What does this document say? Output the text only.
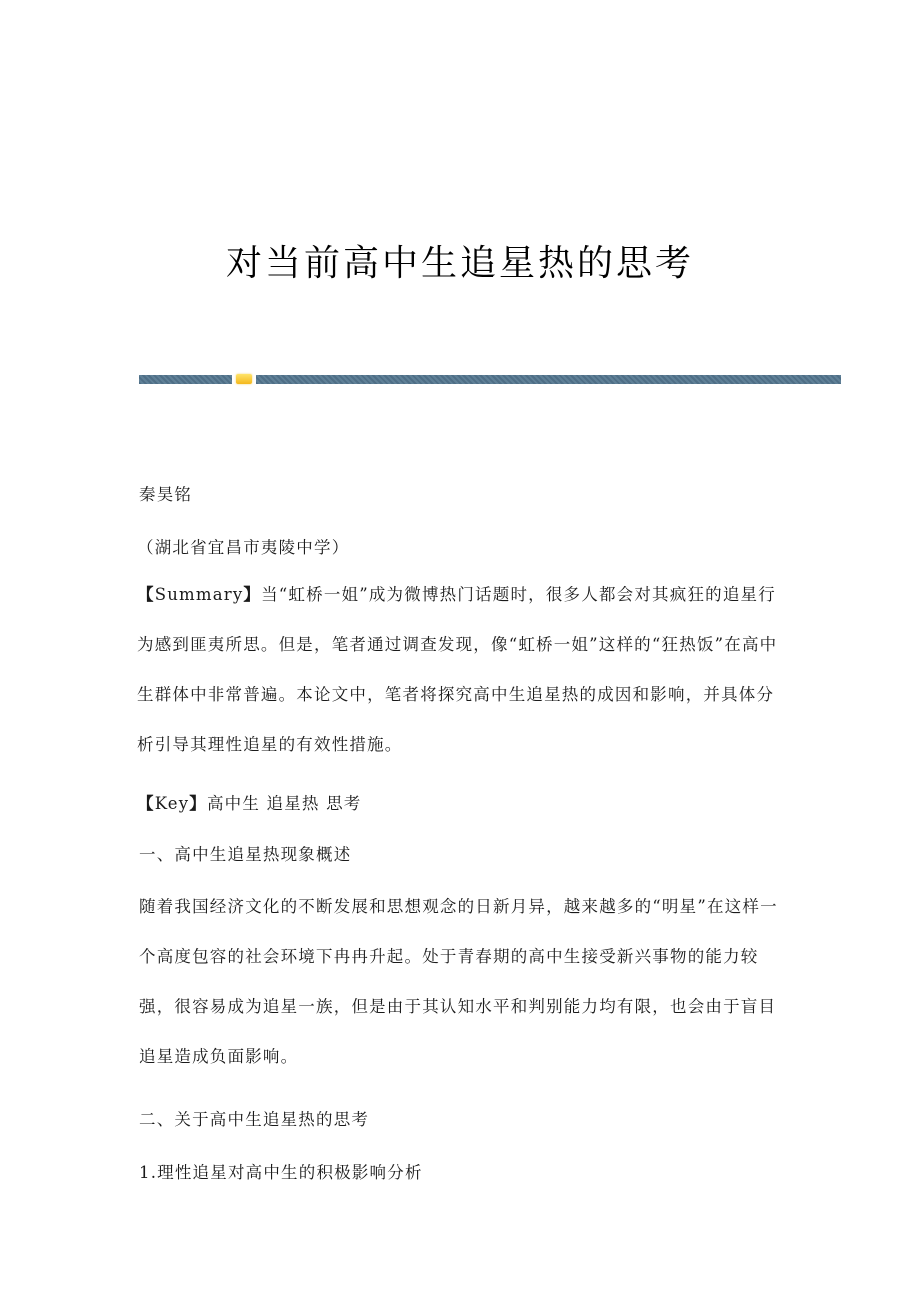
对当前高中生追星热的思考

秦昊铭

（湖北省宜昌市夷陵中学）

【Summary】当“虹桥一姐”成为微博热门话题时，很多人都会对其疯狂的追星行为感到匪夷所思。但是，笔者通过调查发现，像“虹桥一姐”这样的“狂热饭”在高中生群体中非常普遍。本论文中，笔者将探究高中生追星热的成因和影响，并具体分析引导其理性追星的有效性措施。

【Key】高中生 追星热 思考

一、高中生追星热现象概述

随着我国经济文化的不断发展和思想观念的日新月异，越来越多的“明星”在这样一个高度包容的社会环境下冉冉升起。处于青春期的高中生接受新兴事物的能力较强，很容易成为追星一族，但是由于其认知水平和判别能力均有限，也会由于盲目追星造成负面影响。

二、关于高中生追星热的思考

1.理性追星对高中生的积极影响分析
